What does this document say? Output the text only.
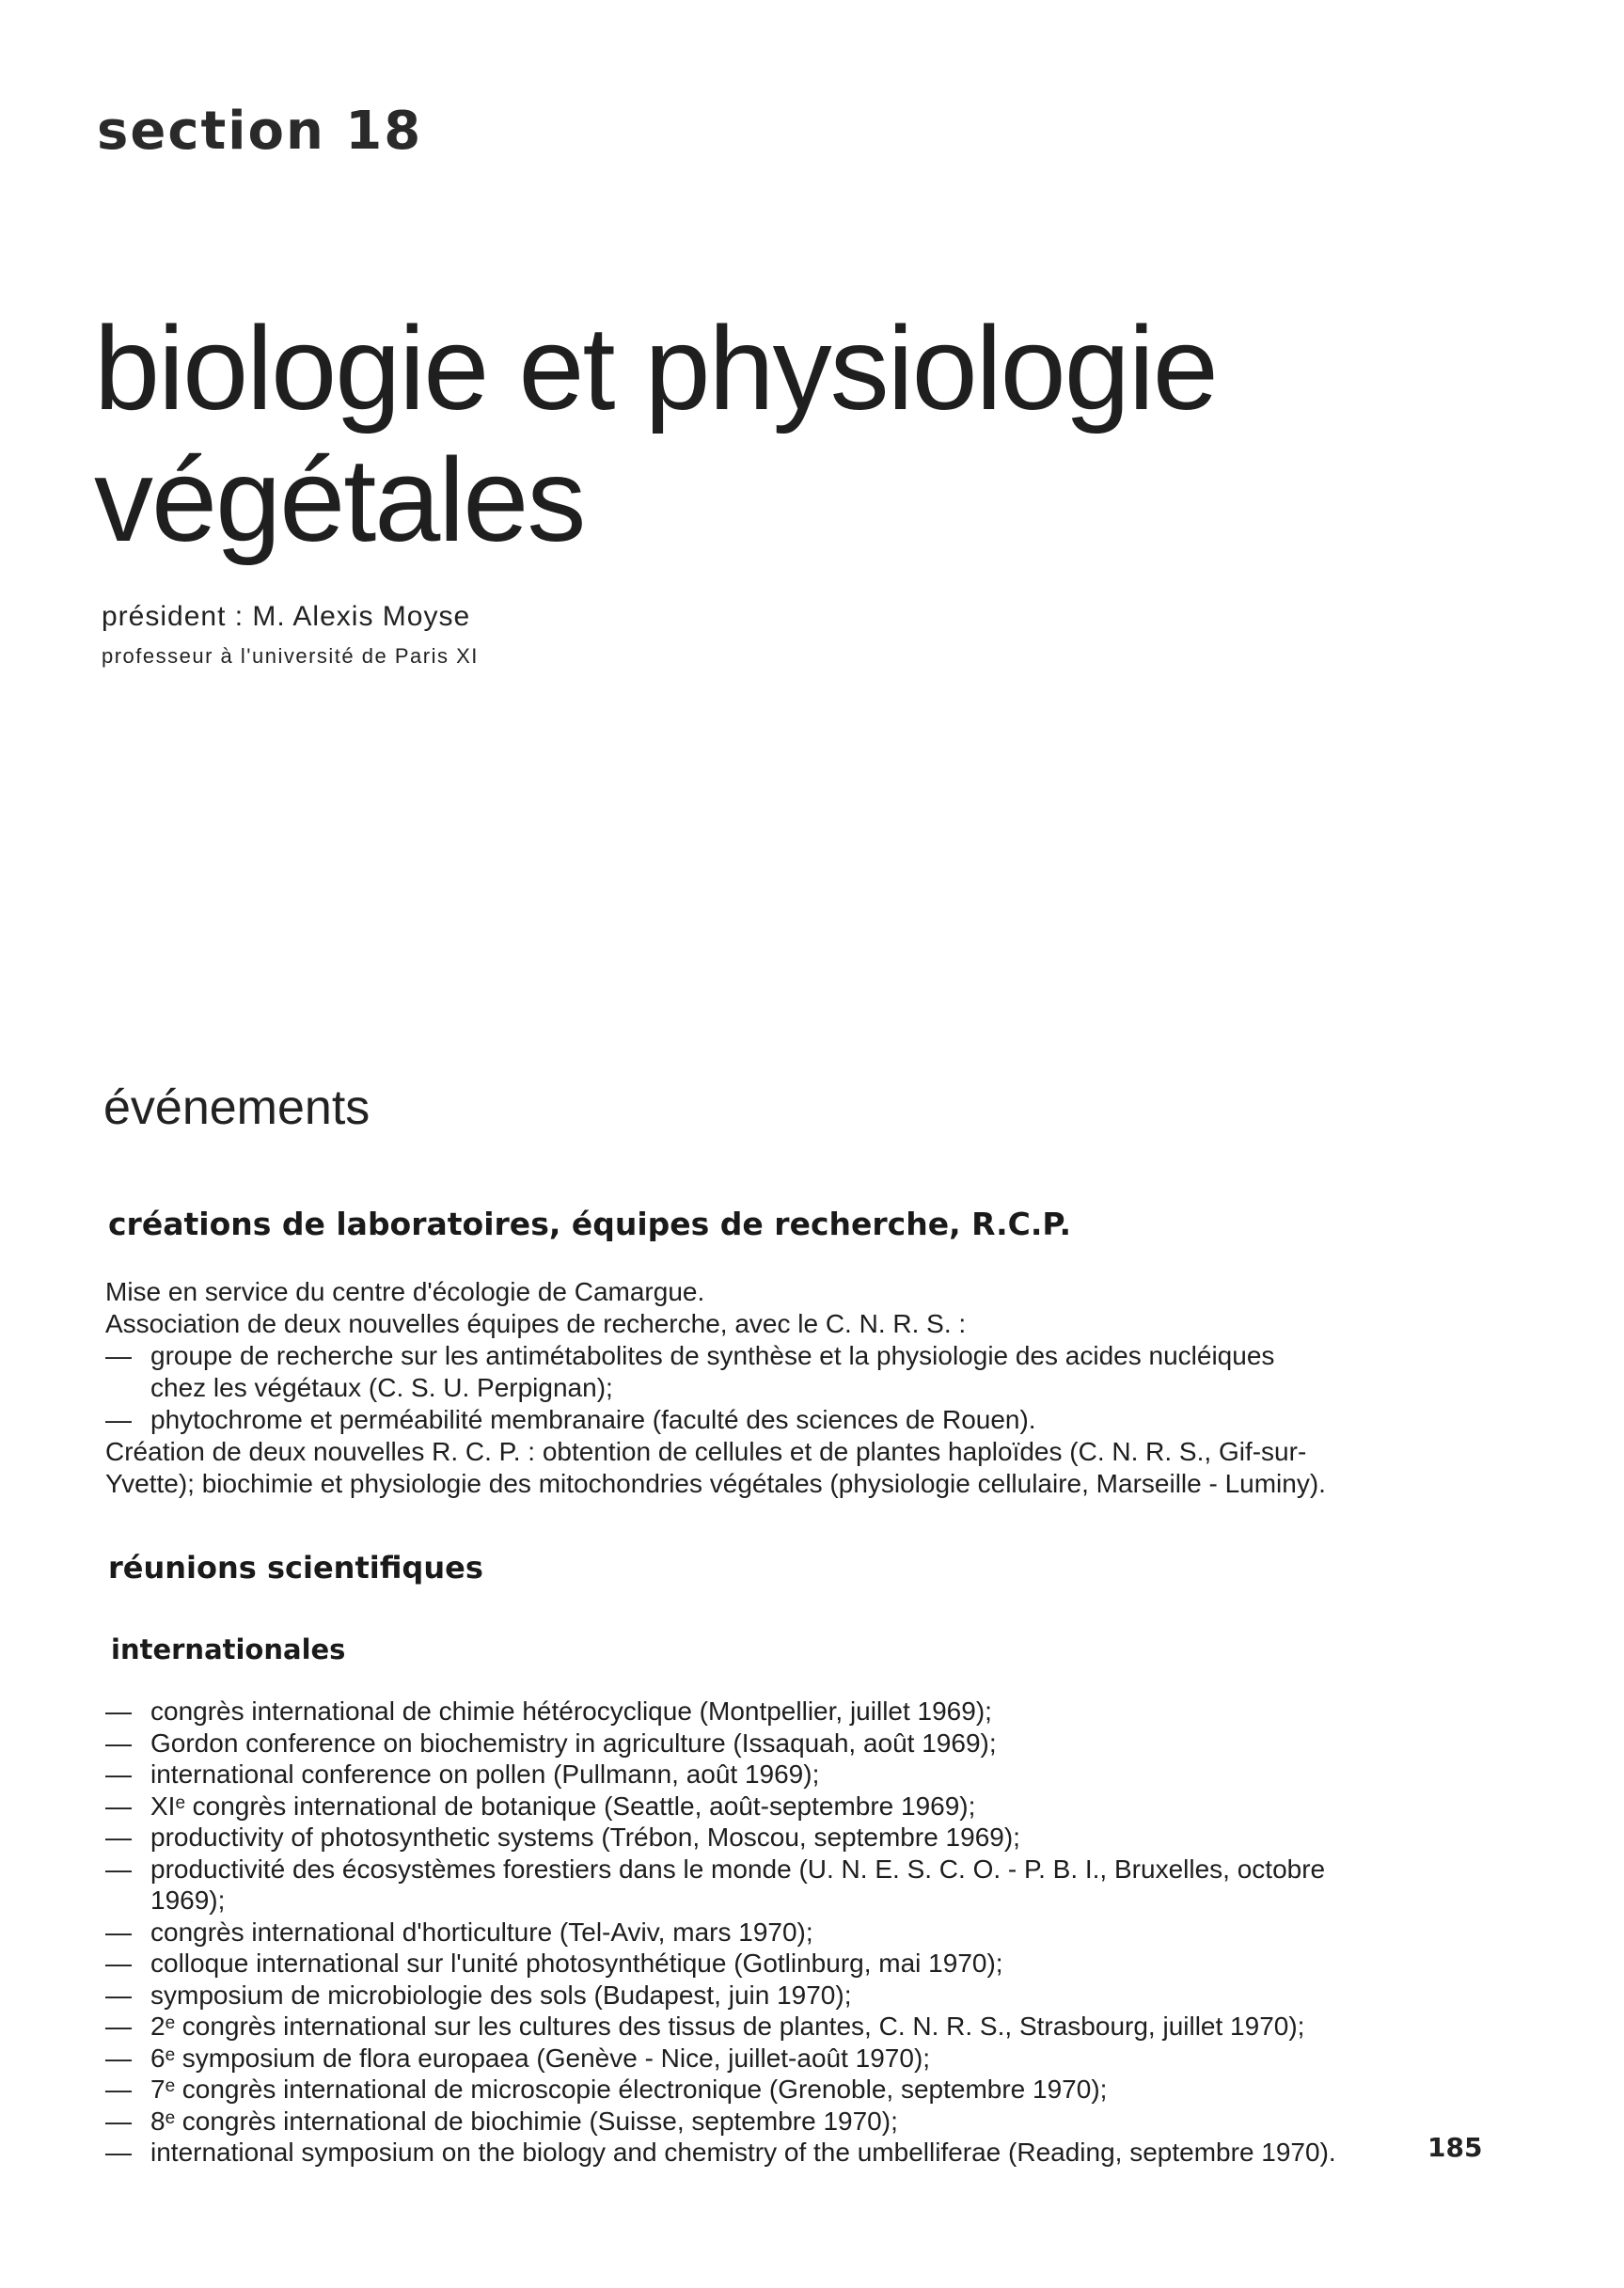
section 18
biologie et physiologie
végétales
président : M. Alexis Moyse
professeur à l'université de Paris XI
événements
créations de laboratoires, équipes de recherche, R.C.P.
Mise en service du centre d'écologie de Camargue.
Association de deux nouvelles équipes de recherche, avec le C. N. R. S. :
— groupe de recherche sur les antimétabolites de synthèse et la physiologie des acides nucléiques
chez les végétaux (C. S. U. Perpignan);
— phytochrome et perméabilité membranaire (faculté des sciences de Rouen).
Création de deux nouvelles R. C. P. : obtention de cellules et de plantes haploïdes (C. N. R. S., Gif-sur-
Yvette); biochimie et physiologie des mitochondries végétales (physiologie cellulaire, Marseille - Luminy).
réunions scientifiques
internationales
— congrès international de chimie hétérocyclique (Montpellier, juillet 1969);
— Gordon conference on biochemistry in agriculture (Issaquah, août 1969);
— international conference on pollen (Pullmann, août 1969);
— XIᵉ congrès international de botanique (Seattle, août-septembre 1969);
— productivity of photosynthetic systems (Trébon, Moscou, septembre 1969);
— productivité des écosystèmes forestiers dans le monde (U. N. E. S. C. O. - P. B. I., Bruxelles, octobre
1969);
— congrès international d'horticulture (Tel-Aviv, mars 1970);
— colloque international sur l'unité photosynthétique (Gotlinburg, mai 1970);
— symposium de microbiologie des sols (Budapest, juin 1970);
— 2ᵉ congrès international sur les cultures des tissus de plantes, C. N. R. S., Strasbourg, juillet 1970);
— 6ᵉ symposium de flora europaea (Genève - Nice, juillet-août 1970);
— 7ᵉ congrès international de microscopie électronique (Grenoble, septembre 1970);
— 8ᵉ congrès international de biochimie (Suisse, septembre 1970);
— international symposium on the biology and chemistry of the umbelliferae (Reading, septembre 1970).	185
